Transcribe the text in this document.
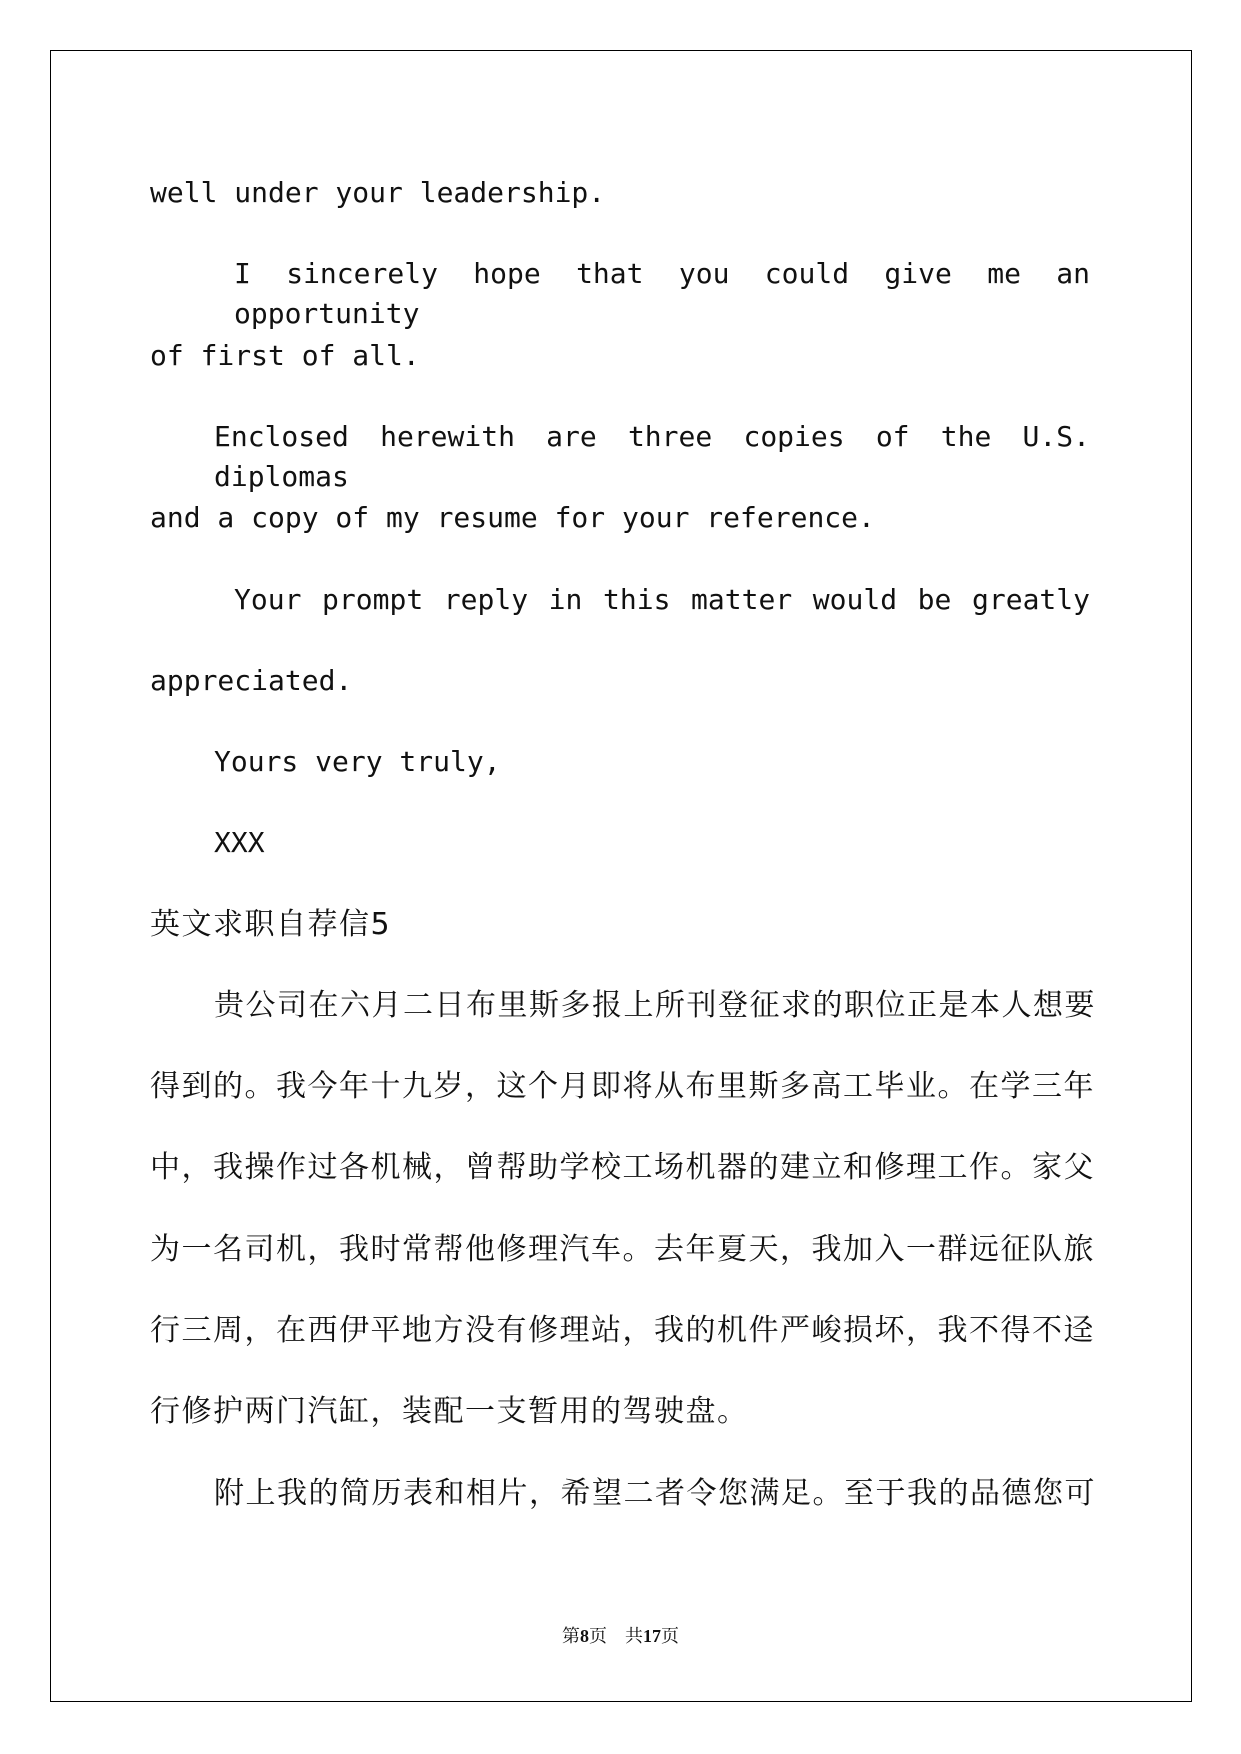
well under your leadership.

I sincerely hope that you could give me an opportunity

of first of all.

Enclosed herewith are three copies of the U.S. diplomas

and a copy of my resume for your reference.

Your prompt reply in this matter would be greatly

appreciated.

Yours very truly,

XXX

英文求职自荐信5

贵公司在六月二日布里斯多报上所刊登征求的职位正是本人想要

得到的。我今年十九岁，这个月即将从布里斯多高工毕业。在学三年

中，我操作过各机械，曾帮助学校工场机器的建立和修理工作。家父

为一名司机，我时常帮他修理汽车。去年夏天，我加入一群远征队旅

行三周，在西伊平地方没有修理站，我的机件严峻损坏，我不得不迳

行修护两门汽缸，装配一支暂用的驾驶盘。

附上我的简历表和相片，希望二者令您满足。至于我的品德您可

第8页　共17页
